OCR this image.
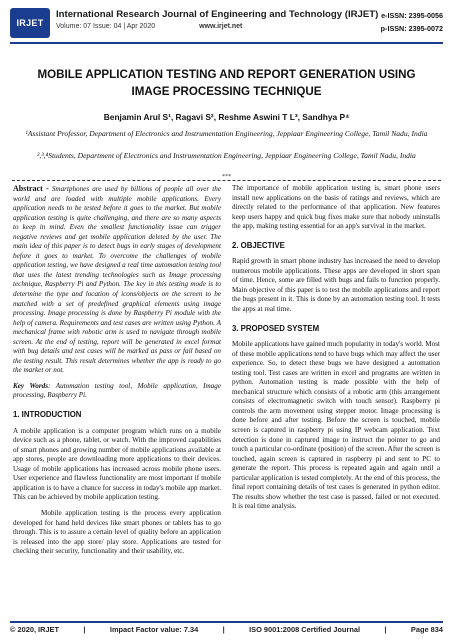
IRJET
International Research Journal of Engineering and Technology (IRJET)
Volume: 07 Issue: 04 | Apr 2020	www.irjet.net
e-ISSN: 2395-0056
p-ISSN: 2395-0072
MOBILE APPLICATION TESTING AND REPORT GENERATION USING IMAGE PROCESSING TECHNIQUE
Benjamin Arul S¹, Ragavi S², Reshme Aswini T L³, Sandhya P⁴
¹Assistant Professor, Department of Electronics and Instrumentation Engineering, Jeppiaar Engineering College, Tamil Nadu, India
²,³,⁴Students, Department of Electronics and Instrumentation Engineering, Jeppiaar Engineering College, Tamil Nadu, India
***

Abstract - Smartphones are used by billions of people all over the world and are loaded with multiple mobile applications. Every application needs to be tested before it goes to the market. But mobile application testing is quite challenging, and there are so many aspects to keep in mind. Even the smallest functionality issue can trigger negative reviews and get mobile application deleted by the user. The main idea of this paper is to detect bugs in early stages of development before it goes to market. To overcome the challenges of mobile application testing, we have designed a real time automation testing tool that uses the latest trending technologies such as Image processing technique, Raspberry Pi and Python. The key in this testing mode is to determine the type and location of icons/objects on the screen to be matched with a set of predefined graphical elements using image processing. Image processing is done by Raspberry Pi module with the help of camera. Requirements and test cases are written using Python. A mechanical frame with robotic arm is used to navigate through mobile screen. At the end of testing, report will be generated in excel format with bug details and test cases will be marked as pass or fail based on the testing result. This result determines whether the app is ready to go the market or not.

Key Words: Automation testing tool, Mobile application, Image processing, Raspberry Pi.

1. INTRODUCTION

A mobile application is a computer program which runs on a mobile device such as a phone, tablet, or watch. With the improved capabilities of smart phones and growing number of mobile applications available at app stores, people are downloading more applications to their devices. Usage of mobile applications has increased across mobile phone users. User experience and flawless functionality are most important if mobile application is to have a chance for success in today's mobile app market. This can be achieved by mobile application testing.

Mobile application testing is the process every application developed for hand held devices like smart phones or tablets has to go through. This is to assure a certain level of quality before an application is released into the app store/ play store. Applications are tested for checking their security, functionality and their usability, etc.

The importance of mobile application testing is, smart phone users install new applications on the basis of ratings and reviews, which are directly related to the performance of that application. New features keep users happy and quick bug fixes make sure that nobody uninstalls the app, making testing essential for an app's survival in the market.

2. OBJECTIVE

Rapid growth in smart phone industry has increased the need to develop numerous mobile applications. These apps are developed in short span of time. Hence, some are filled with bugs and fails to function properly. Main objective of this paper is to test the mobile applications and report the bugs present in it. This is done by an automation testing tool. It tests the apps at real time.

3. PROPOSED SYSTEM

Mobile applications have gained much popularity in today's world. Most of these mobile applications tend to have bugs which may affect the user experience. So, to detect these bugs we have designed a automation testing tool. Test cases are written in excel and programs are written in python. Automation testing is made possible with the help of mechanical structure which consists of a robotic arm (this arrangement consists of electromagnetic switch with touch sensor). Raspberry pi controls the arm movement using stepper motor. Image processing is done before and after testing. Before the screen is touched, mobile screen is captured in raspberry pi using IP webcam application. Text detection is done in captured image to instruct the pointer to go and touch a particular co-ordinate (position) of the screen. After the screen is touched, again screen is captured in raspberry pi and sent to PC to generate the report. This process is repeated again and again until a particular application is tested completely. At the end of this process, the final report containing details of test cases is generated in python editor. The results show whether the test case is passed, failed or not executed. It is real time analysis.

© 2020, IRJET	|	Impact Factor value: 7.34	|	ISO 9001:2008 Certified Journal	|	Page 834
